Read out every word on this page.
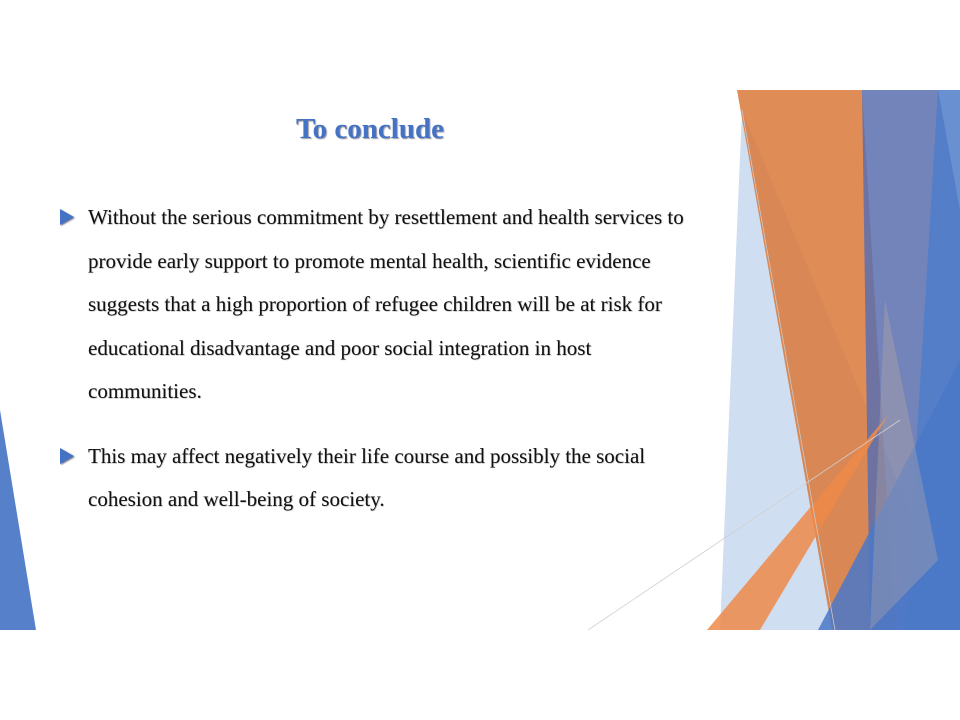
To conclude
Without the serious commitment by resettlement and health services to provide early support to promote mental health, scientific evidence suggests that a high proportion of refugee children will be at risk for educational disadvantage and poor social integration in host communities.
This may affect negatively their life course and possibly the social cohesion and well-being of society.
